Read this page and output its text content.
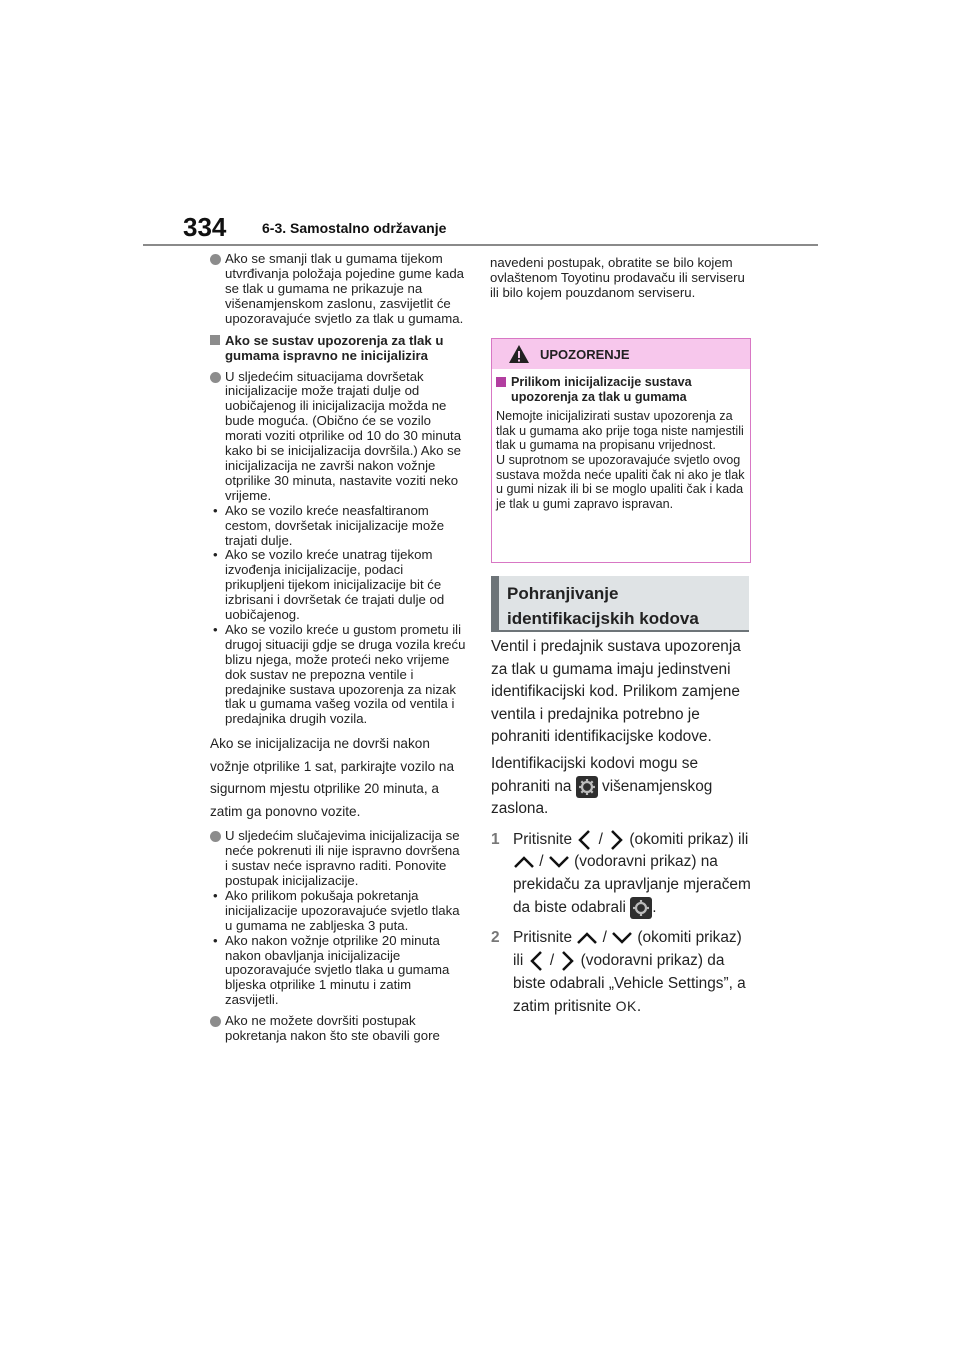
334	6-3. Samostalno održavanje
Ako se smanji tlak u gumama tijekom utvrđivanja položaja pojedine gume kada se tlak u gumama ne prikazuje na višenamjenskom zaslonu, zasvijetlit će upozoravajuće svjetlo za tlak u gumama.
Ako se sustav upozorenja za tlak u gumama ispravno ne inicijalizira
U sljedećim situacijama dovršetak inicijalizacije može trajati dulje od uobičajenog ili inicijalizacija možda ne bude moguća. (Obično će se vozilo morati voziti otprilike od 10 do 30 minuta kako bi se inicijalizacija dovršila.) Ako se inicijalizacija ne završi nakon vožnje otprilike 30 minuta, nastavite voziti neko vrijeme.
• Ako se vozilo kreće neasfaltiranom cestom, dovršetak inicijalizacije može trajati dulje.
• Ako se vozilo kreće unatrag tijekom izvođenja inicijalizacije, podaci prikupljeni tijekom inicijalizacije bit će izbrisani i dovršetak će trajati dulje od uobičajenog.
• Ako se vozilo kreće u gustom prometu ili drugoj situaciji gdje se druga vozila kreću blizu njega, može proteći neko vrijeme dok sustav ne prepozna ventile i predajnike sustava upozorenja za nizak tlak u gumama vašeg vozila od ventila i predajnika drugih vozila.

Ako se inicijalizacija ne dovrši nakon vožnje otprilike 1 sat, parkirajte vozilo na sigurnom mjestu otprilike 20 minuta, a zatim ga ponovno vozite.

U sljedećim slučajevima inicijalizacija se neće pokrenuti ili nije ispravno dovršena i sustav neće ispravno raditi. Ponovite postupak inicijalizacije.
• Ako prilikom pokušaja pokretanja inicijalizacije upozoravajuće svjetlo tlaka u gumama ne zabljeska 3 puta.
• Ako nakon vožnje otprilike 20 minuta nakon obavljanja inicijalizacije upozoravajuće svjetlo tlaka u gumama bljeska otprilike 1 minutu i zatim zasvijetli.
Ako ne možete dovršiti postupak pokretanja nakon što ste obavili gore

navedeni postupak, obratite se bilo kojem ovlaštenom Toyotinu prodavaču ili serviseru ili bilo kojem pouzdanom serviseru.

UPOZORENJE
Prilikom inicijalizacije sustava upozorenja za tlak u gumama
Nemojte inicijalizirati sustav upozorenja za tlak u gumama ako prije toga niste namjestili tlak u gumama na propisanu vrijednost.
U suprotnom se upozoravajuće svjetlo ovog sustava možda neće upaliti čak ni ako je tlak u gumi nizak ili bi se moglo upaliti čak i kada je tlak u gumi zapravo ispravan.
Pohranjivanje
identifikacijskih kodova

Ventil i predajnik sustava upozorenja za tlak u gumama imaju jedinstveni identifikacijski kod. Prilikom zamjene ventila i predajnika potrebno je pohraniti identifikacijske kodove.

Identifikacijski kodovi mogu se pohraniti na višenamjenskog zaslona.

1 Pritisnite / (okomiti prikaz) ili  / (vodoravni prikaz) na prekidaču za upravljanje mjeračem da biste odabrali .
2 Pritisnite / (okomiti prikaz) ili / (vodoravni prikaz) da biste odabrali „Vehicle Settings”, a zatim pritisnite OK.
